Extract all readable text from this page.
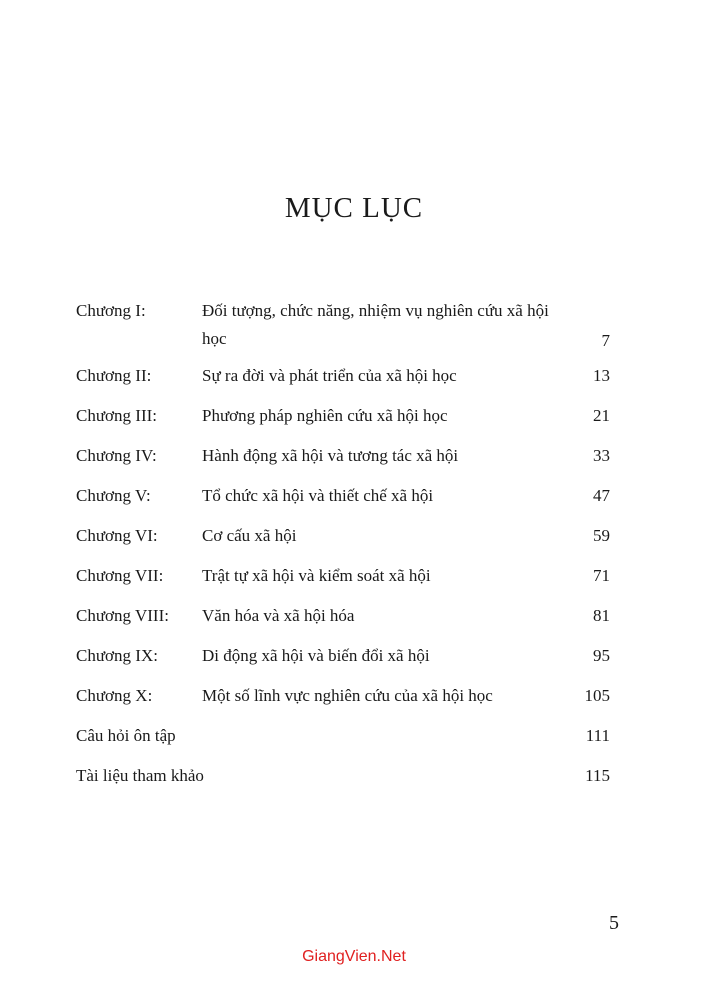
MỤC LỤC
Chương I:	Đối tượng, chức năng, nhiệm vụ nghiên cứu xã hội
học	7
Chương II:	Sự ra đời và phát triển của xã hội học	13
Chương III:	Phương pháp nghiên cứu xã hội học	21
Chương IV:	Hành động xã hội và tương tác xã hội	33
Chương V:	Tổ chức xã hội và thiết chế xã hội	47
Chương VI:	Cơ cấu xã hội	59
Chương VII:	Trật tự xã hội và kiểm soát xã hội	71
Chương VIII:	Văn hóa và xã hội hóa	81
Chương IX:	Di động xã hội và biến đổi xã hội	95
Chương X:	Một số lĩnh vực nghiên cứu của xã hội học	105
Câu hỏi ôn tập	111
Tài liệu tham khảo	115
5
GiangVien.Net
